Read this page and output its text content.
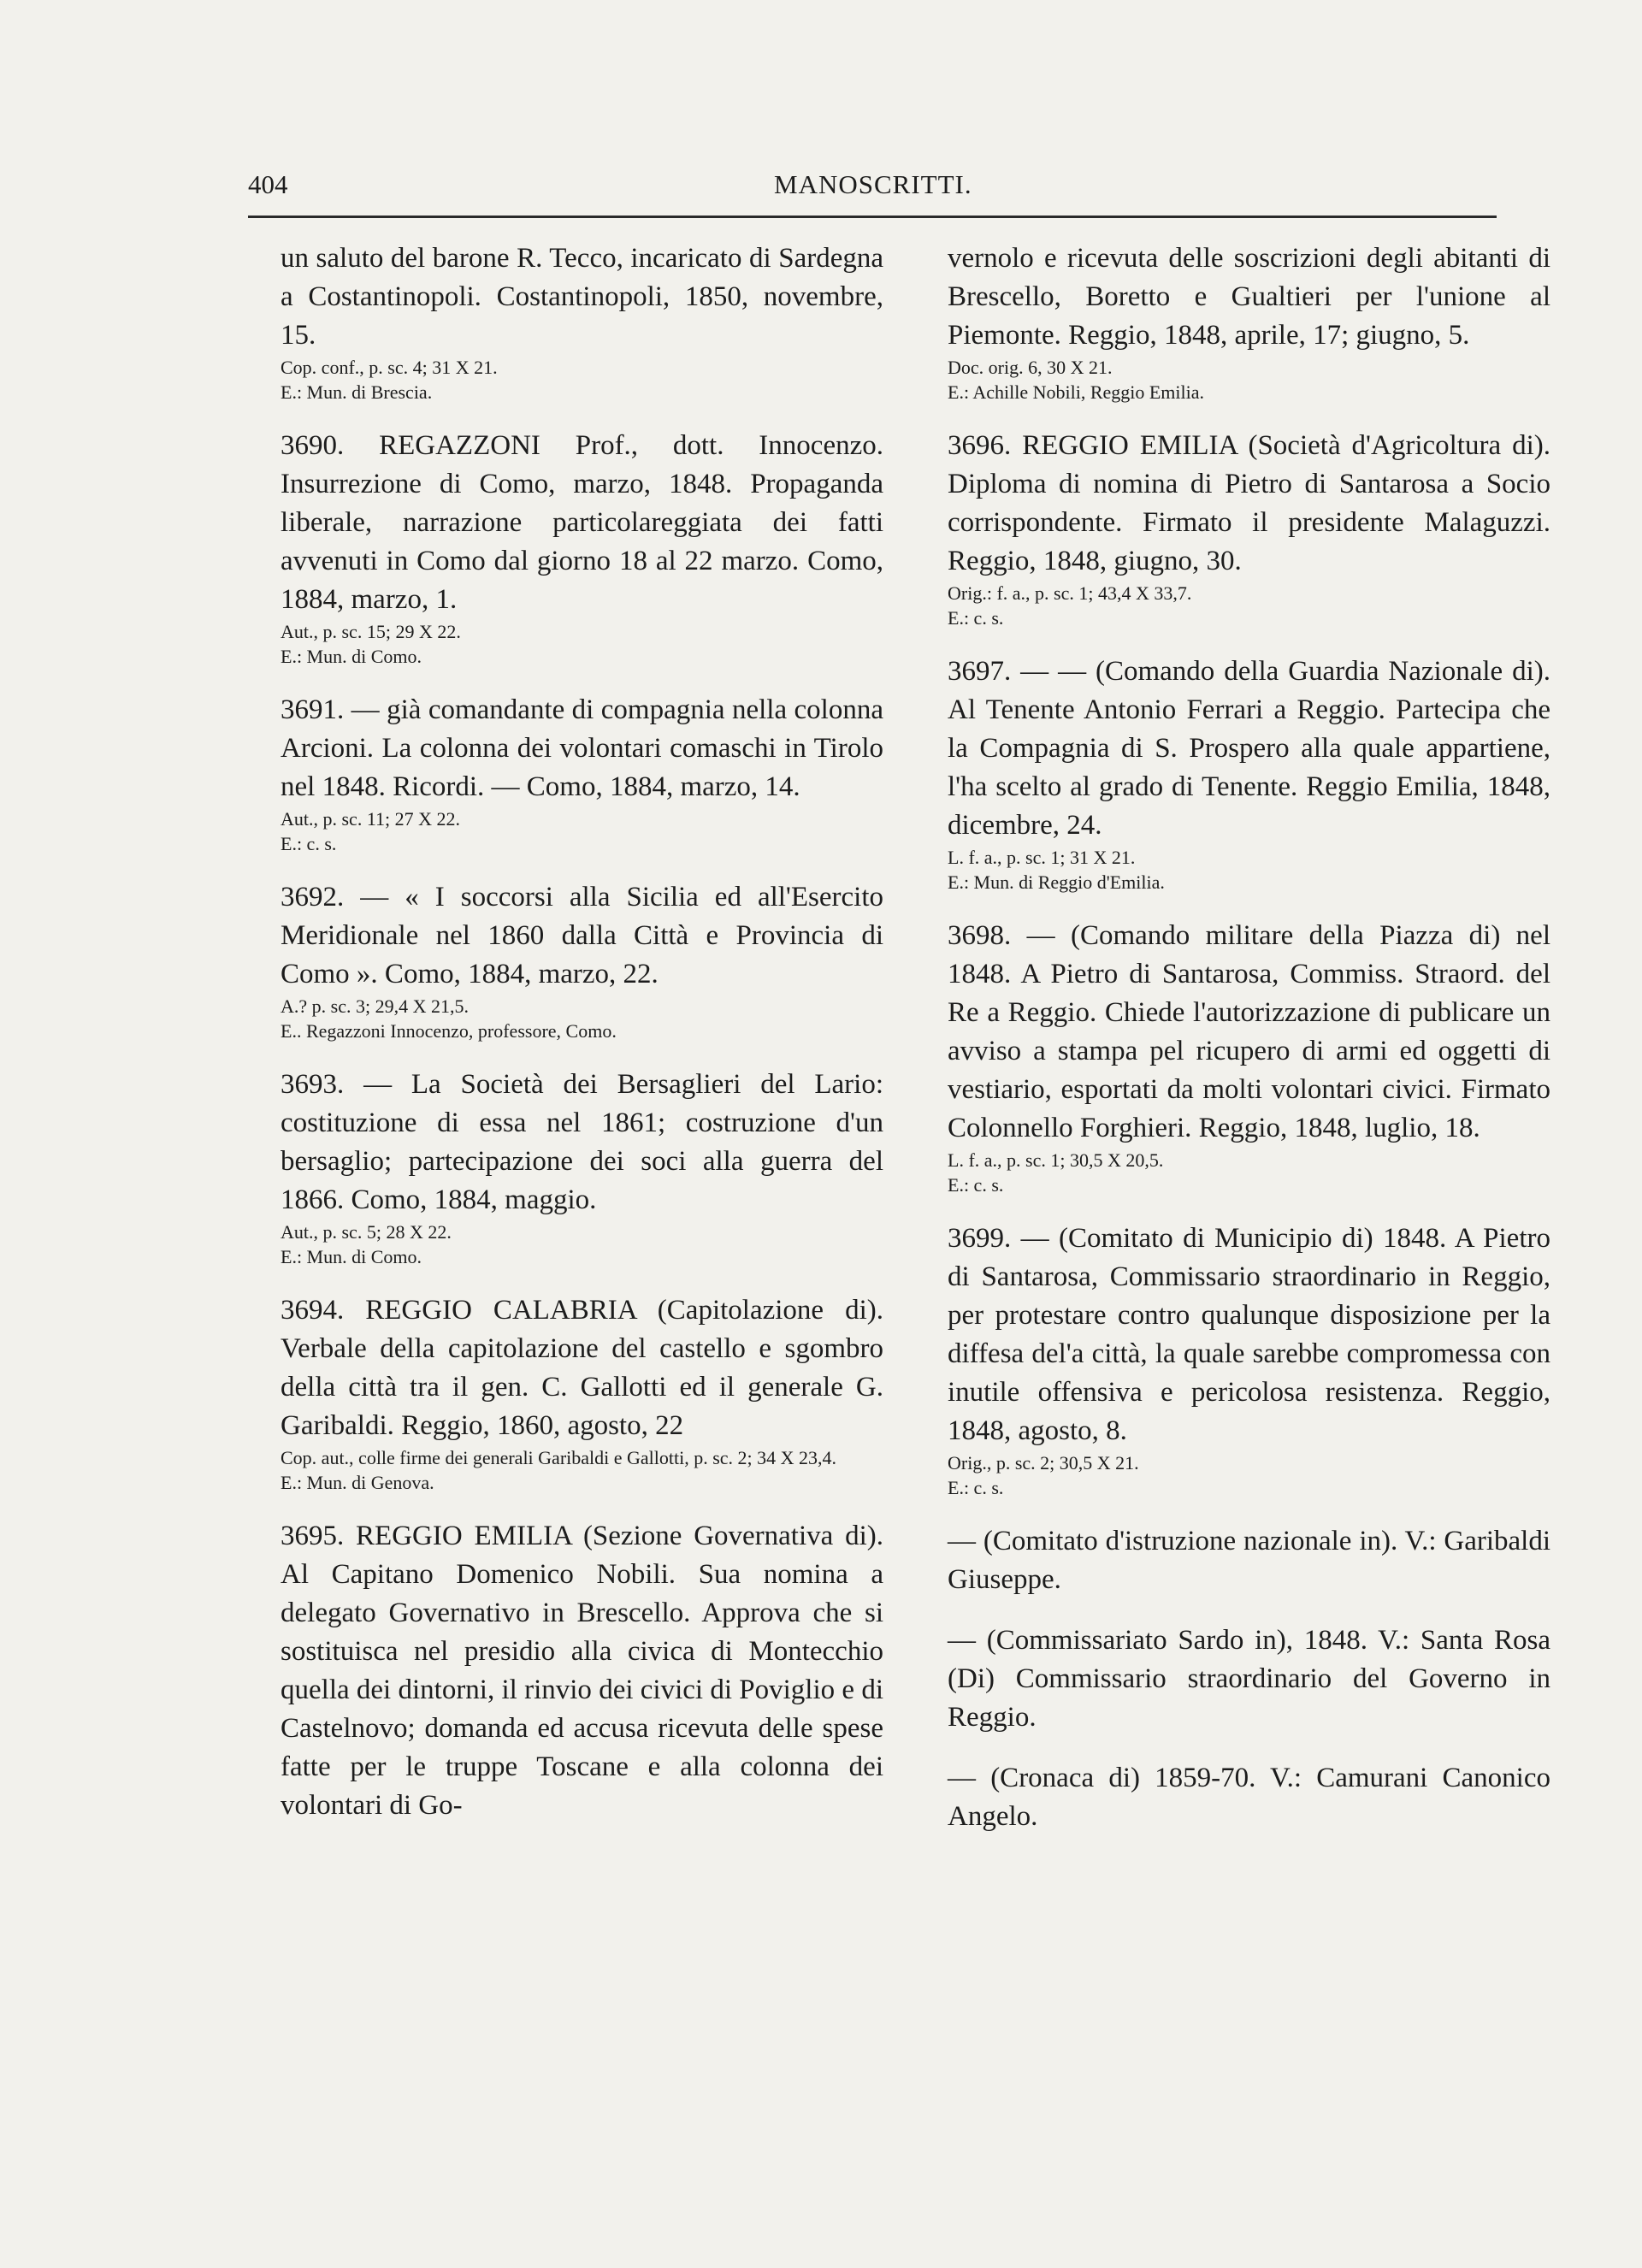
404	MANOSCRITTI.
un saluto del barone R. Tecco, incaricato di Sardegna a Costantinopoli. Costantinopoli, 1850, novembre, 15.
Cop. conf., p. sc. 4; 31 X 21.
E.: Mun. di Brescia.
3690. REGAZZONI Prof., dott. Innocenzo. Insurrezione di Como, marzo, 1848. Propaganda liberale, narrazione particolareggiata dei fatti avvenuti in Como dal giorno 18 al 22 marzo. Como, 1884, marzo, 1.
Aut., p. sc. 15; 29 X 22.
E.: Mun. di Como.
3691. — già comandante di compagnia nella colonna Arcioni. La colonna dei volontari comaschi in Tirolo nel 1848. Ricordi. — Como, 1884, marzo, 14.
Aut., p. sc. 11; 27 X 22.
E.: c. s.
3692. — « I soccorsi alla Sicilia ed all'Esercito Meridionale nel 1860 dalla Città e Provincia di Como ». Como, 1884, marzo, 22.
A.? p. sc. 3; 29,4 X 21,5.
E.. Regazzoni Innocenzo, professore, Como.
3693. — La Società dei Bersaglieri del Lario: costituzione di essa nel 1861; costruzione d'un bersaglio; partecipazione dei soci alla guerra del 1866. Como, 1884, maggio.
Aut., p. sc. 5; 28 X 22.
E.: Mun. di Como.
3694. REGGIO CALABRIA (Capitolazione di). Verbale della capitolazione del castello e sgombro della città tra il gen. C. Gallotti ed il generale G. Garibaldi. Reggio, 1860, agosto, 22
Cop. aut., colle firme dei generali Garibaldi e Gallotti, p. sc. 2; 34 X 23,4.
E.: Mun. di Genova.
3695. REGGIO EMILIA (Sezione Governativa di). Al Capitano Domenico Nobili. Sua nomina a delegato Governativo in Brescello. Approva che si sostituisca nel presidio alla civica di Montecchio quella dei dintorni, il rinvio dei civici di Poviglio e di Castelnovo; domanda ed accusa ricevuta delle spese fatte per le truppe Toscane e alla colonna dei volontari di Go-
vernolo e ricevuta delle soscrizioni degli abitanti di Brescello, Boretto e Gualtieri per l'unione al Piemonte. Reggio, 1848, aprile, 17; giugno, 5.
Doc. orig. 6, 30 X 21.
E.: Achille Nobili, Reggio Emilia.
3696. REGGIO EMILIA (Società d'Agricoltura di). Diploma di nomina di Pietro di Santarosa a Socio corrispondente. Firmato il presidente Malaguzzi. Reggio, 1848, giugno, 30.
Orig.: f. a., p. sc. 1; 43,4 X 33,7.
E.: c. s.
3697. — — (Comando della Guardia Nazionale di). Al Tenente Antonio Ferrari a Reggio. Partecipa che la Compagnia di S. Prospero alla quale appartiene, l'ha scelto al grado di Tenente. Reggio Emilia, 1848, dicembre, 24.
L. f. a., p. sc. 1; 31 X 21.
E.: Mun. di Reggio d'Emilia.
3698. — (Comando militare della Piazza di) nel 1848. A Pietro di Santarosa, Commiss. Straord. del Re a Reggio. Chiede l'autorizzazione di publicare un avviso a stampa pel ricupero di armi ed oggetti di vestiario, esportati da molti volontari civici. Firmato Colonnello Forghieri. Reggio, 1848, luglio, 18.
L. f. a., p. sc. 1; 30,5 X 20,5.
E.: c. s.
3699. — (Comitato di Municipio di) 1848. A Pietro di Santarosa, Commissario straordinario in Reggio, per protestare contro qualunque disposizione per la diffesa del'a città, la quale sarebbe compromessa con inutile offensiva e pericolosa resistenza. Reggio, 1848, agosto, 8.
Orig., p. sc. 2; 30,5 X 21.
E.: c. s.
— (Comitato d'istruzione nazionale in). V.: Garibaldi Giuseppe.
— (Commissariato Sardo in), 1848. V.: Santa Rosa (Di) Commissario straordinario del Governo in Reggio.
— (Cronaca di) 1859-70. V.: Camurani Canonico Angelo.
